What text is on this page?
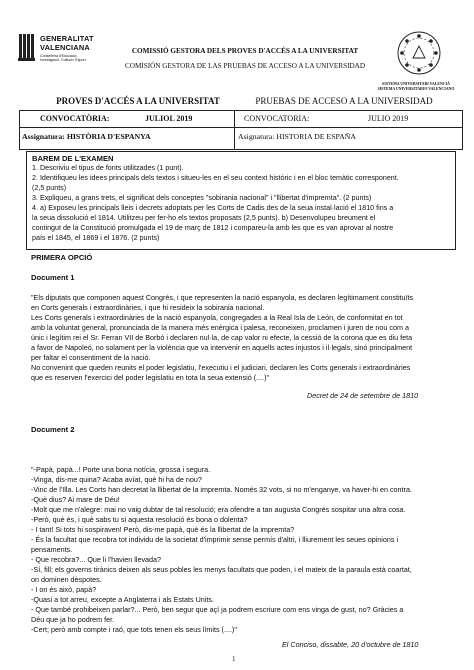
GENERALITAT
VALENCIANA
Conselleria d'Educació,
Investigació, Cultura i Esport
COMISSIÓ GESTORA DELS PROVES D'ACCÉS A LA UNIVERSITAT
COMISIÓN GESTORA DE LAS PRUEBAS DE ACCESO A LA UNIVERSIDAD
SISTEMA UNIVERSITARI VALENCIÀ
SISTEMA UNIVERSITARIO VALENCIANO
PROVES D'ACCÉS A LA UNIVERSITAT	PRUEBAS DE ACCESO A LA UNIVERSIDAD
CONVOCATÒRIA:	JULIOL 2019	CONVOCATORIA:	JULIO 2019
Assignatura: HISTÒRIA D'ESPANYA	Asignatura: HISTORIA DE ESPAÑA
BAREM DE L'EXAMEN
1. Descriviu el tipus de fonts utilitzades (1 punt).
2. Identifiqueu les idees principals dels textos i situeu-les en el seu context històric i en el bloc temàtic corresponent.
(2,5 punts)
3. Expliqueu, a grans trets, el significat dels conceptes "sobirania nacional" i "llibertat d'impremta". (2 punts)
4. a) Exposeu les principals lleis i decrets adoptats per les Corts de Cadis des de la seua instal·lació el 1810 fins a
la seua dissolució el 1814. Utilitzeu per fer-ho els textos proposats (2,5 punts). b) Desenvolupeu breument el
contingut de la Constitució promulgada el 19 de març de 1812 i compareu-la amb les que es van aprovar al nostre
país el 1845, el 1869 i el 1876. (2 punts)
PRIMERA OPCIÓ
Document 1
"Els diputats que componen aquest Congrés, i que representen la nació espanyola, es declaren legítimament constituïts
en Corts generals i extraordinàries, i que hi resideix la sobirania nacional.
Les Corts generals i extraordinàries de la nació espanyola, congregades a la Real Isla de León, de conformitat en tot
amb la voluntat general, pronunciada de la manera més enèrgica i palesa, reconeixen, proclamen i juren de nou com a
únic i legítim rei el Sr. Ferran VII de Borbó i declaren nul·la, de cap valor ni efecte, la cessió de la corona que es diu feta
a favor de Napoleó, no solament per la violència que va intervenir en aquells actes injustos i il·legals, sinó principalment
per faltar el consentiment de la nació.
No convenint que queden reunits el poder legislatiu, l'executiu i el judiciari, declaren les Corts generals i extraordinàries
que es reserven l'exercici del poder legislatiu en tota la seua extensió (....)"
Decret de 24 de setembre de 1810
Document 2
"-Papà, papà...! Porte una bona notícia, grossa i segura.
-Vinga, dis-me quina? Acaba avíat, què hi ha de nou?
-Vinc de l'Illa. Les Corts han decretat la llibertat de la impremta. Només 32 vots, si no m'enganye, va haver-hi en contra.
-Què dius? Ai mare de Déu!
-Molt que me n'alegre: mai no vaig dubtar de tal resolució; era ofendre a tan augusta Congrés sospitar una altra cosa.
-Però, què és, i què sabs tu si aquesta resolució és bona o dolenta?
- I tant! Si tots hi sospiraven! Però, dis-me papà, què és la llibertat de la impremta?
- És la facultat que recobra tot individu de la societat d'imprimir sense permís d'altri, i lliurement les seues opinions i
pensaments.
- Que recobra?... Que li l'havien llevada?
-Sí, fill; els governs tirànics deixen als seus pobles les menys facultats que poden, i el mateix de la paraula està coartat,
on dominen dèspotes.
- I on és això, papà?
-Quasi a tot arreu, excepte a Anglaterra i als Estats Units.
- Que també prohibeixen parlar?... Però, ben segur que açí ja podrem escriure com ens vinga de gust, no? Gràcies a
Déu que ja ho podrem fer.
-Cert; però amb compte i raó, que tots tenen els seus límits (....)"
El Conciso, dissabte, 20 d'octubre de 1810
1
